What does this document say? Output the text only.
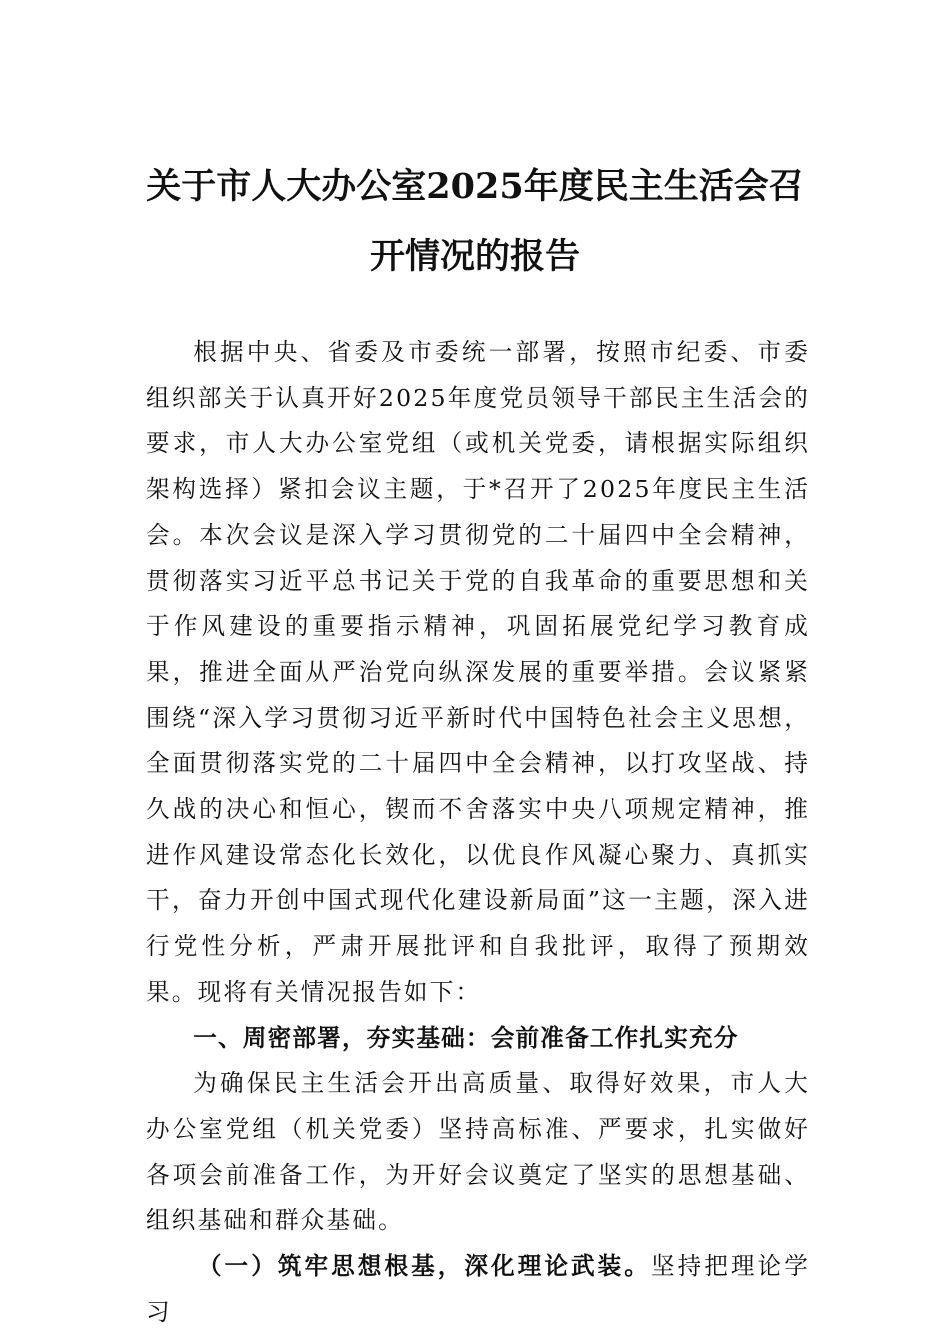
关于市人大办公室2025年度民主生活会召
开情况的报告

根据中央、省委及市委统一部署，按照市纪委、市委组织部关于认真开好2025年度党员领导干部民主生活会的要求，市人大办公室党组（或机关党委，请根据实际组织架构选择）紧扣会议主题，于*召开了2025年度民主生活会。本次会议是深入学习贯彻党的二十届四中全会精神，贯彻落实习近平总书记关于党的自我革命的重要思想和关于作风建设的重要指示精神，巩固拓展党纪学习教育成果，推进全面从严治党向纵深发展的重要举措。会议紧紧围绕“深入学习贯彻习近平新时代中国特色社会主义思想，全面贯彻落实党的二十届四中全会精神，以打攻坚战、持久战的决心和恒心，锲而不舍落实中央八项规定精神，推进作风建设常态化长效化，以优良作风凝心聚力、真抓实干，奋力开创中国式现代化建设新局面”这一主题，深入进行党性分析，严肃开展批评和自我批评，取得了预期效果。现将有关情况报告如下：

一、周密部署，夯实基础：会前准备工作扎实充分

为确保民主生活会开出高质量、取得好效果，市人大办公室党组（机关党委）坚持高标准、严要求，扎实做好各项会前准备工作，为开好会议奠定了坚实的思想基础、组织基础和群众基础。

（一）筑牢思想根基，深化理论武装。坚持把理论学习
